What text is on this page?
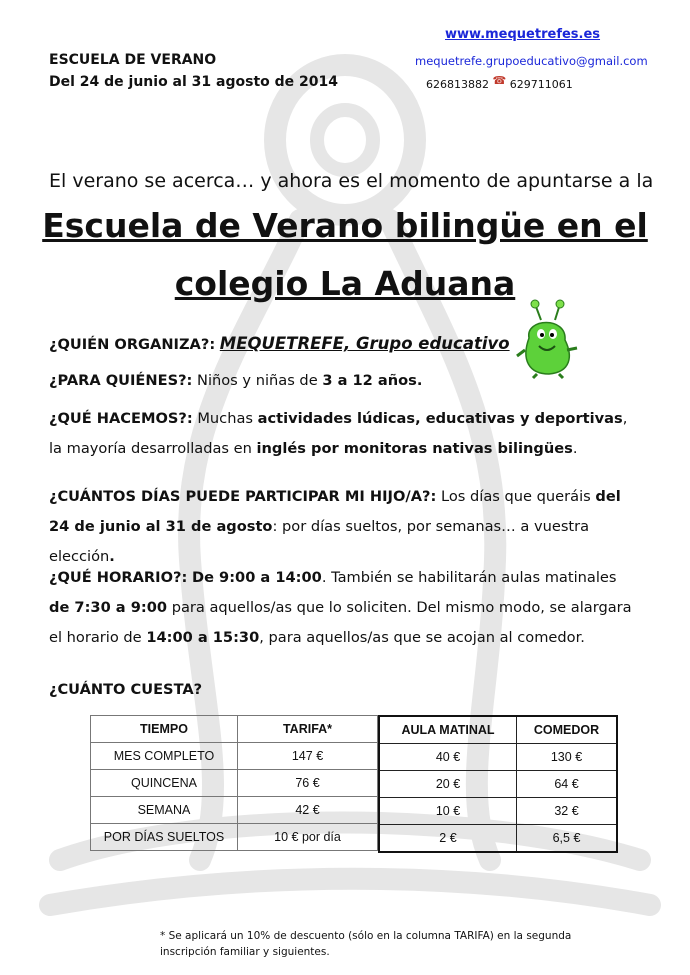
ESCUELA DE VERANO
Del 24 de junio al 31 agosto de 2014
www.mequetrefes.es
mequetrefe.grupoeducativo@gmail.com
626813882 ☎ 629711061
El verano se acerca… y ahora es el momento de apuntarse a la
Escuela de Verano bilingüe en el
colegio La Aduana
¿QUIÉN ORGANIZA?: MEQUETREFE, Grupo educativo
¿PARA QUIÉNES?: Niños y niñas de 3 a 12 años.
¿QUÉ HACEMOS?: Muchas actividades lúdicas, educativas y deportivas, la mayoría desarrolladas en inglés por monitoras nativas bilingües.
¿CUÁNTOS DÍAS PUEDE PARTICIPAR MI HIJO/A?: Los días que queráis del 24 de junio al 31 de agosto: por días sueltos, por semanas… a vuestra elección.
¿QUÉ HORARIO?: De 9:00 a 14:00. También se habilitarán aulas matinales de 7:30 a 9:00 para aquellos/as que lo soliciten. Del mismo modo, se alargara el horario de 14:00 a 15:30, para aquellos/as que se acojan al comedor.
¿CUÁNTO CUESTA?
TIEMPO	TARIFA*
MES COMPLETO	147 €
QUINCENA	76 €
SEMANA	42 €
POR DÍAS SUELTOS	10 € por día
AULA MATINAL	COMEDOR
40 €	130 €
20 €	64 €
10 €	32 €
2 €	6,5 €
* Se aplicará un 10% de descuento (sólo en la columna TARIFA) en la segunda inscripción familiar y siguientes.
